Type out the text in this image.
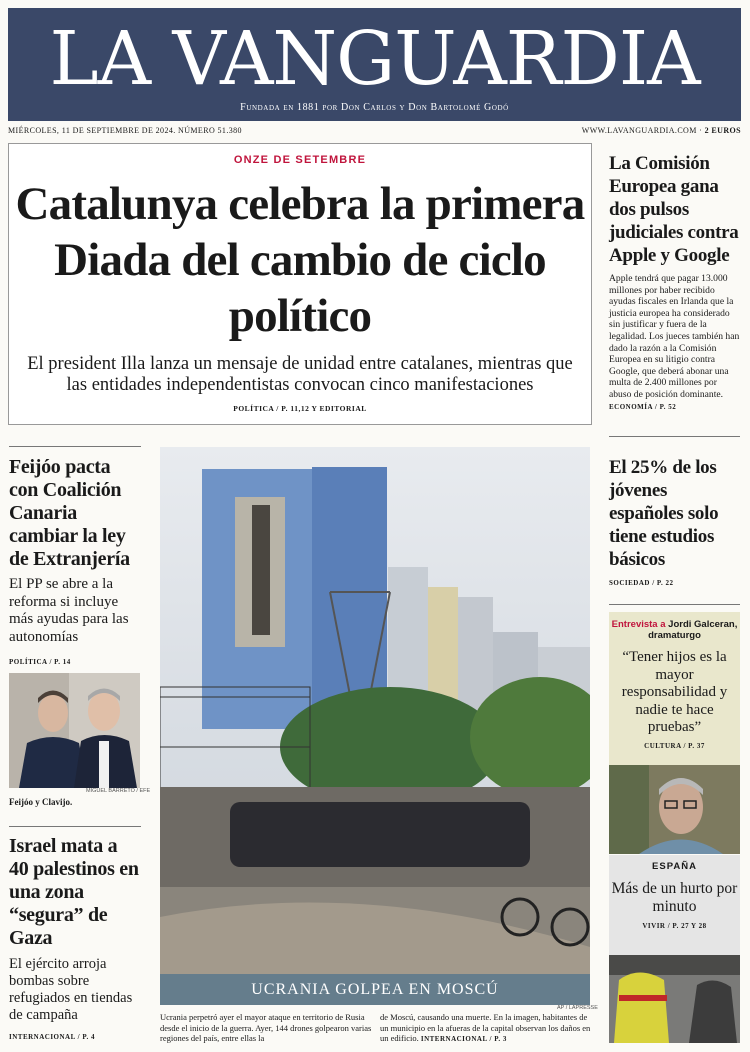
LA VANGUARDIA
Fundada en 1881 por Don Carlos y Don Bartolomé Godó
MIÉRCOLES, 11 DE SEPTIEMBRE DE 2024. NÚMERO 51.380	WWW.LAVANGUARDIA.COM · 2 EUROS
ONZE DE SETEMBRE
Catalunya celebra la primera Diada del cambio de ciclo político
El president Illa lanza un mensaje de unidad entre catalanes, mientras que las entidades independentistas convocan cinco manifestaciones
POLÍTICA / P. 11,12 Y EDITORIAL
La Comisión Europea gana dos pulsos judiciales contra Apple y Google
Apple tendrá que pagar 13.000 millones por haber recibido ayudas fiscales en Irlanda que la justicia europea ha considerado sin justificar y fuera de la legalidad. Los jueces también han dado la razón a la Comisión Europea en su litigio contra Google, que deberá abonar una multa de 2.400 millones por abuso de posición dominante. ECONOMÍA / P. 52
El 25% de los jóvenes españoles solo tiene estudios básicos
SOCIEDAD / P. 22
Entrevista a Jordi Galceran,
dramaturgo
“Tener hijos es la mayor responsabilidad y nadie te hace pruebas”
CULTURA / P. 37
ESPAÑA
Más de un hurto por minuto
VIVIR / P. 27 Y 28
Feijóo pacta con Coalición Canaria cambiar la ley de Extranjería
El PP se abre a la reforma si incluye más ayudas para las autonomías
POLÍTICA / P. 14
MIGUEL BARRETO / EFE
Feijóo y Clavijo.
Israel mata a 40 palestinos en una zona “segura” de Gaza
El ejército arroja bombas sobre refugiados en tiendas de campaña
INTERNACIONAL / P. 4
UCRANIA GOLPEA EN MOSCÚ
AP / LAPRESSE
Ucrania perpetró ayer el mayor ataque en territorio de Rusia desde el inicio de la guerra. Ayer, 144 drones golpearon varias regiones del país, entre ellas la
de Moscú, causando una muerte. En la imagen, habitantes de un municipio en la afueras de la capital observan los daños en un edificio. INTERNACIONAL / P. 3
